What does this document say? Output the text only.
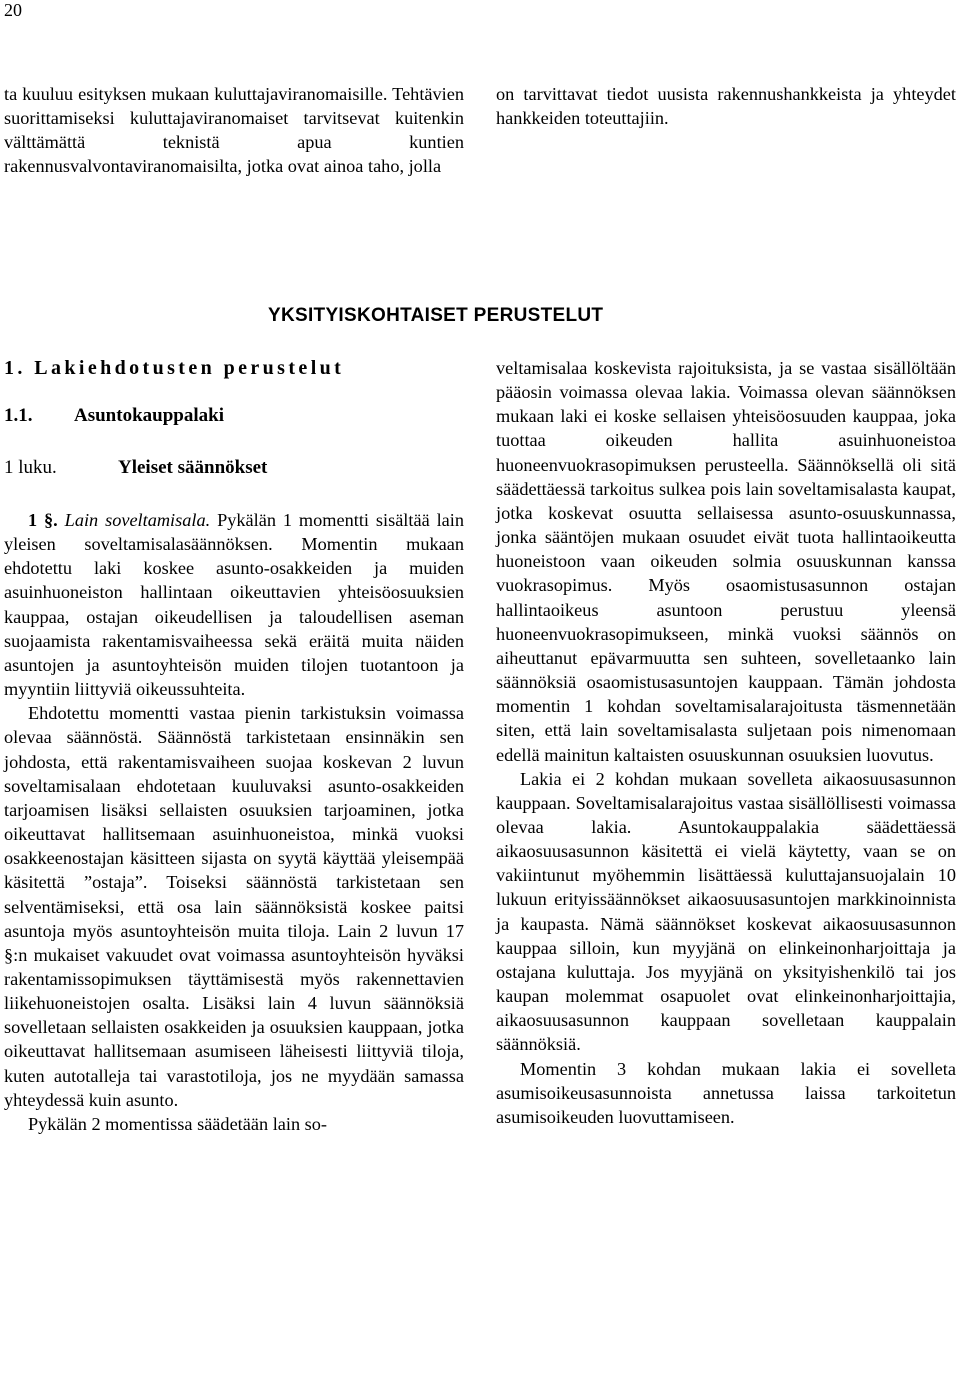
20

ta kuuluu esityksen mukaan kuluttajaviranomaisille. Tehtävien suorittamiseksi kuluttajaviranomaiset tarvitsevat kuitenkin välttämättä teknistä apua kuntien rakennusvalvontaviranomaisilta, jotka ovat ainoa taho, jolla

on tarvittavat tiedot uusista rakennushankkeista ja yhteydet hankkeiden toteuttajiin.

YKSITYISKOHTAISET PERUSTELUT
1. Lakiehdotusten perustelut
1.1. Asuntokauppalaki
1 luku.	Yleiset säännökset

1 §. Lain soveltamisala. Pykälän 1 momentti sisältää lain yleisen soveltamisalasäännöksen. Momentin mukaan ehdotettu laki koskee asunto-osakkeiden ja muiden asuinhuoneiston hallintaan oikeuttavien yhteisöosuuksien kauppaa, ostajan oikeudellisen ja taloudellisen aseman suojaamista rakentamisvaiheessa sekä eräitä muita näiden asuntojen ja asuntoyhteisön muiden tilojen tuotantoon ja myyntiin liittyviä oikeussuhteita.

Ehdotettu momentti vastaa pienin tarkistuksin voimassa olevaa säännöstä. Säännöstä tarkistetaan ensinnäkin sen johdosta, että rakentamisvaiheen suojaa koskevan 2 luvun soveltamisalaan ehdotetaan kuuluvaksi asunto-osakkeiden tarjoamisen lisäksi sellaisten osuuksien tarjoaminen, jotka oikeuttavat hallitsemaan asuinhuoneistoa, minkä vuoksi osakkeenostajan käsitteen sijasta on syytä käyttää yleisempää käsitettä ”ostaja”. Toiseksi säännöstä tarkistetaan sen selventämiseksi, että osa lain säännöksistä koskee paitsi asuntoja myös asuntoyhteisön muita tiloja. Lain 2 luvun 17 §:n mukaiset vakuudet ovat voimassa asuntoyhteisön hyväksi rakentamissopimuksen täyttämisestä myös rakennettavien liikehuoneistojen osalta. Lisäksi lain 4 luvun säännöksiä sovelletaan sellaisten osakkeiden ja osuuksien kauppaan, jotka oikeuttavat hallitsemaan asumiseen läheisesti liittyviä tiloja, kuten autotalleja tai varastotiloja, jos ne myydään samassa yhteydessä kuin asunto.

Pykälän 2 momentissa säädetään lain so-

veltamisalaa koskevista rajoituksista, ja se vastaa sisällöltään pääosin voimassa olevaa lakia. Voimassa olevan säännöksen mukaan laki ei koske sellaisen yhteisöosuuden kauppaa, joka tuottaa oikeuden hallita asuinhuoneistoa huoneenvuokrasopimuksen perusteella. Säännöksellä oli sitä säädettäessä tarkoitus sulkea pois lain soveltamisalasta kaupat, jotka koskevat osuutta sellaisessa asunto-osuuskunnassa, jonka sääntöjen mukaan osuudet eivät tuota hallintaoikeutta huoneistoon vaan oikeuden solmia osuuskunnan kanssa vuokrasopimus. Myös osaomistusasunnon ostajan hallintaoikeus asuntoon perustuu yleensä huoneenvuokrasopimukseen, minkä vuoksi säännös on aiheuttanut epävarmuutta sen suhteen, sovelletaanko lain säännöksiä osaomistusasuntojen kauppaan. Tämän johdosta momentin 1 kohdan soveltamisalarajoitusta täsmennetään siten, että lain soveltamisalasta suljetaan pois nimenomaan edellä mainitun kaltaisten osuuskunnan osuuksien luovutus.

Lakia ei 2 kohdan mukaan sovelleta aikaosuusasunnon kauppaan. Soveltamisalarajoitus vastaa sisällöllisesti voimassa olevaa lakia. Asuntokauppalakia säädettäessä aikaosuusasunnon käsitettä ei vielä käytetty, vaan se on vakiintunut myöhemmin lisättäessä kuluttajansuojalain 10 lukuun erityissäännökset aikaosuusasuntojen markkinoinnista ja kaupasta. Nämä säännökset koskevat aikaosuusasunnon kauppaa silloin, kun myyjänä on elinkeinonharjoittaja ja ostajana kuluttaja. Jos myyjänä on yksityishenkilö tai jos kaupan molemmat osapuolet ovat elinkeinonharjoittajia, aikaosuusasunnon kauppaan sovelletaan kauppalain säännöksiä.

Momentin 3 kohdan mukaan lakia ei sovelleta asumisoikeusasunnoista annetussa laissa tarkoitetun asumisoikeuden luovuttamiseen.
